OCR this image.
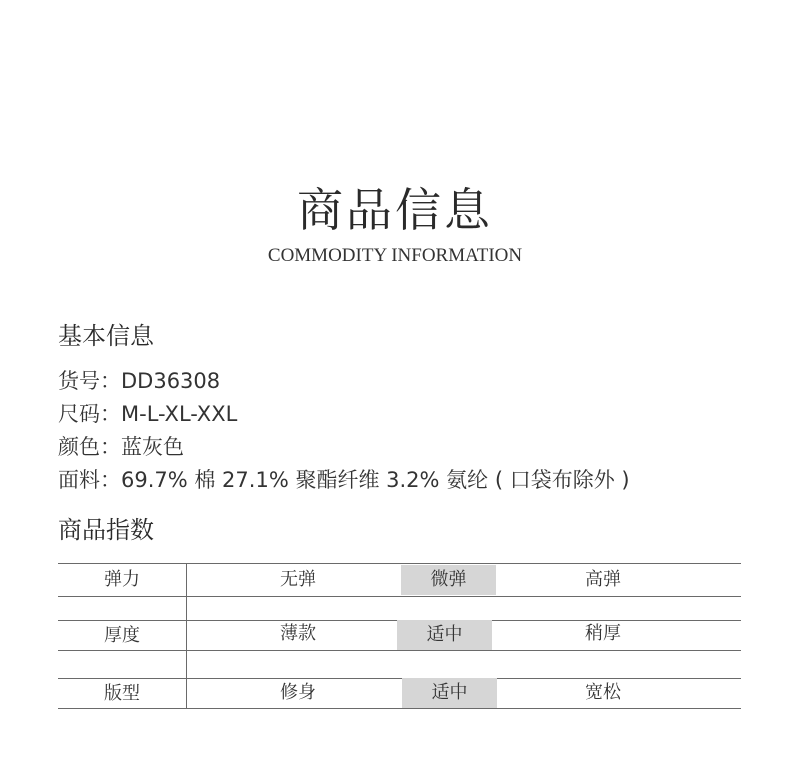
商品信息
COMMODITY INFORMATION
基本信息
货号：DD36308
尺码：M-L-XL-XXL
颜色：蓝灰色
面料：69.7% 棉 27.1% 聚酯纤维 3.2% 氨纶 ( 口袋布除外 )
商品指数
弹力	无弹	微弹	高弹
厚度	薄款	适中	稍厚
版型	修身	适中	宽松
